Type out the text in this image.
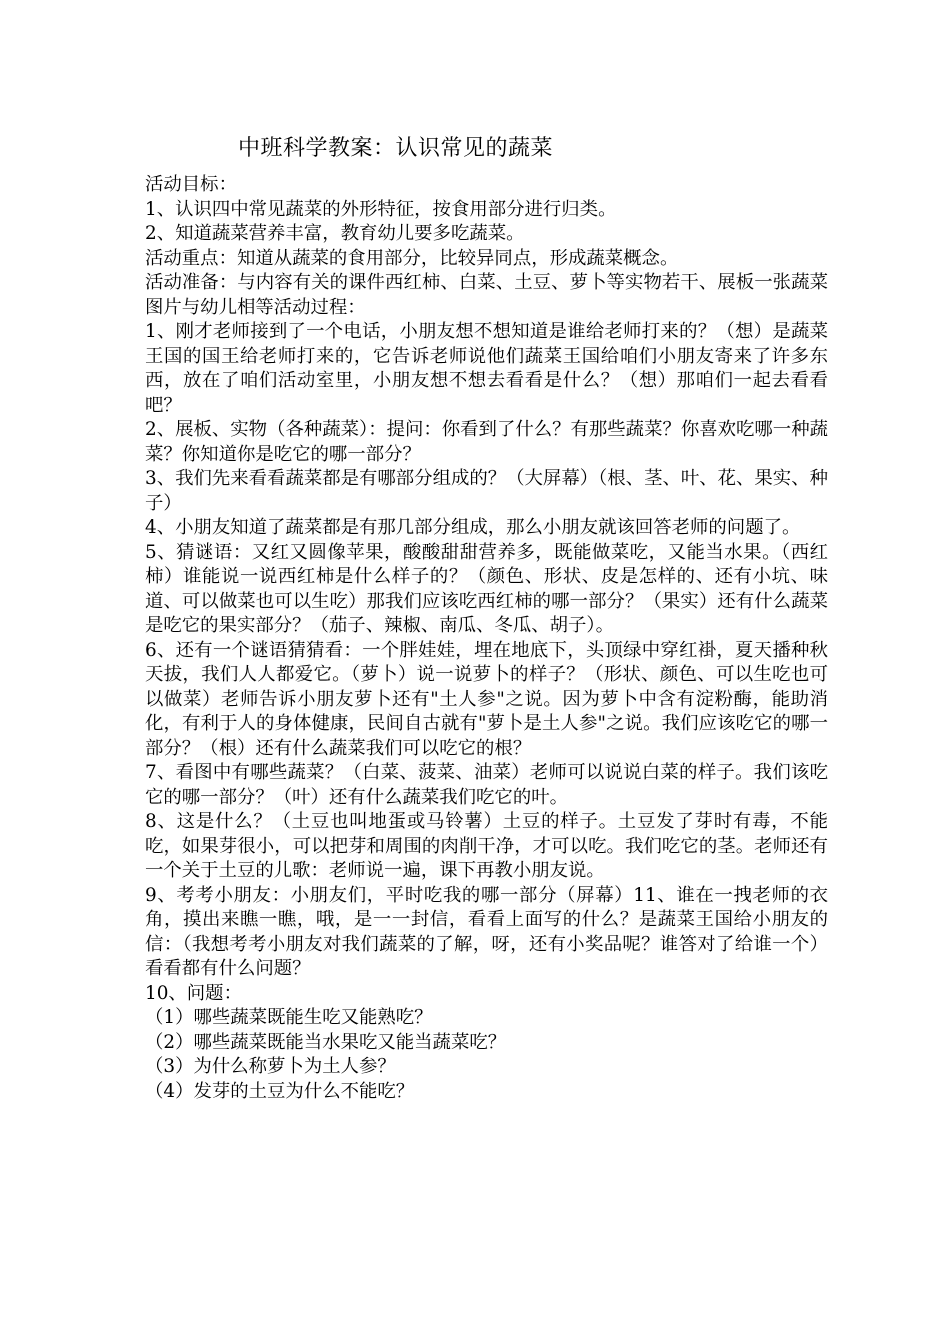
中班科学教案：认识常见的蔬菜

活动目标：

1、认识四中常见蔬菜的外形特征，按食用部分进行归类。

2、知道蔬菜营养丰富，教育幼儿要多吃蔬菜。

活动重点：知道从蔬菜的食用部分，比较异同点，形成蔬菜概念。

活动准备：与内容有关的课件西红柿、白菜、土豆、萝卜等实物若干、展板一张蔬菜图片与幼儿相等活动过程：

1、刚才老师接到了一个电话，小朋友想不想知道是谁给老师打来的？（想）是蔬菜王国的国王给老师打来的，它告诉老师说他们蔬菜王国给咱们小朋友寄来了许多东西，放在了咱们活动室里，小朋友想不想去看看是什么？（想）那咱们一起去看看吧？

2、展板、实物（各种蔬菜）：提问：你看到了什么？有那些蔬菜？你喜欢吃哪一种蔬菜？你知道你是吃它的哪一部分？

3、我们先来看看蔬菜都是有哪部分组成的？（大屏幕）（根、茎、叶、花、果实、种子）

4、小朋友知道了蔬菜都是有那几部分组成，那么小朋友就该回答老师的问题了。

5、猜谜语：又红又圆像苹果，酸酸甜甜营养多，既能做菜吃，又能当水果。（西红柿）谁能说一说西红柿是什么样子的？（颜色、形状、皮是怎样的、还有小坑、味道、可以做菜也可以生吃）那我们应该吃西红柿的哪一部分？（果实）还有什么蔬菜是吃它的果实部分？（茄子、辣椒、南瓜、冬瓜、胡子）。

6、还有一个谜语猜猜看：一个胖娃娃，埋在地底下，头顶绿中穿红褂，夏天播种秋天拔，我们人人都爱它。（萝卜）说一说萝卜的样子？（形状、颜色、可以生吃也可以做菜）老师告诉小朋友萝卜还有"土人参"之说。因为萝卜中含有淀粉酶，能助消化，有利于人的身体健康，民间自古就有"萝卜是土人参"之说。我们应该吃它的哪一部分？（根）还有什么蔬菜我们可以吃它的根？

7、看图中有哪些蔬菜？（白菜、菠菜、油菜）老师可以说说白菜的样子。我们该吃它的哪一部分？（叶）还有什么蔬菜我们吃它的叶。

8、这是什么？（土豆也叫地蛋或马铃薯）土豆的样子。土豆发了芽时有毒，不能吃，如果芽很小，可以把芽和周围的肉削干净，才可以吃。我们吃它的茎。老师还有一个关于土豆的儿歌：老师说一遍，课下再教小朋友说。

9、考考小朋友：小朋友们，平时吃我的哪一部分（屏幕）11、谁在一拽老师的衣角，摸出来瞧一瞧，哦，是一一封信，看看上面写的什么？是蔬菜王国给小朋友的信：（我想考考小朋友对我们蔬菜的了解，呀，还有小奖品呢？谁答对了给谁一个）看看都有什么问题？

10、问题：

（1）哪些蔬菜既能生吃又能熟吃？

（2）哪些蔬菜既能当水果吃又能当蔬菜吃？

（3）为什么称萝卜为土人参？

（4）发芽的土豆为什么不能吃？
